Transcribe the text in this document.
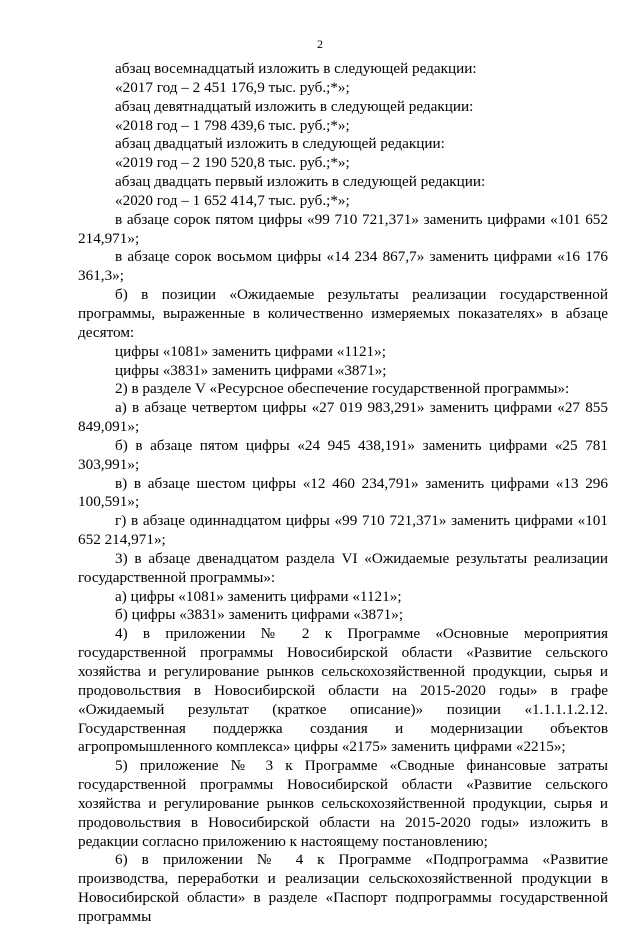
2

абзац восемнадцатый изложить в следующей редакции:

«2017 год – 2 451 176,9 тыс. руб.;*»;

абзац девятнадцатый изложить в следующей редакции:

«2018 год – 1 798 439,6 тыс. руб.;*»;

абзац двадцатый изложить в следующей редакции:

«2019 год – 2 190 520,8 тыс. руб.;*»;

абзац двадцать первый изложить в следующей редакции:

«2020 год – 1 652 414,7 тыс. руб.;*»;

в абзаце сорок пятом цифры «99 710 721,371» заменить цифрами «101 652 214,971»;

в абзаце сорок восьмом цифры «14 234 867,7» заменить цифрами «16 176 361,3»;

б) в позиции «Ожидаемые результаты реализации государственной программы, выраженные в количественно измеряемых показателях» в абзаце десятом:

цифры «1081» заменить цифрами «1121»;

цифры «3831» заменить цифрами «3871»;

2) в разделе V «Ресурсное обеспечение государственной программы»:

а) в абзаце четвертом цифры «27 019 983,291» заменить цифрами «27 855 849,091»;

б) в абзаце пятом цифры «24 945 438,191» заменить цифрами «25 781 303,991»;

в) в абзаце шестом цифры «12 460 234,791» заменить цифрами «13 296 100,591»;

г) в абзаце одиннадцатом цифры «99 710 721,371» заменить цифрами «101 652 214,971»;

3) в абзаце двенадцатом раздела VI «Ожидаемые результаты реализации государственной программы»:

а) цифры «1081» заменить цифрами «1121»;

б) цифры «3831» заменить цифрами «3871»;

4) в приложении № 2 к Программе «Основные мероприятия государственной программы Новосибирской области «Развитие сельского хозяйства и регулирование рынков сельскохозяйственной продукции, сырья и продовольствия в Новосибирской области на 2015-2020 годы» в графе «Ожидаемый результат (краткое описание)» позиции «1.1.1.1.2.12. Государственная поддержка создания и модернизации объектов агропромышленного комплекса» цифры «2175» заменить цифрами «2215»;

5) приложение № 3 к Программе «Сводные финансовые затраты государственной программы Новосибирской области «Развитие сельского хозяйства и регулирование рынков сельскохозяйственной продукции, сырья и продовольствия в Новосибирской области на 2015-2020 годы» изложить в редакции согласно приложению к настоящему постановлению;

6) в приложении № 4 к Программе «Подпрограмма «Развитие производства, переработки и реализации сельскохозяйственной продукции в Новосибирской области» в разделе «Паспорт подпрограммы государственной программы
